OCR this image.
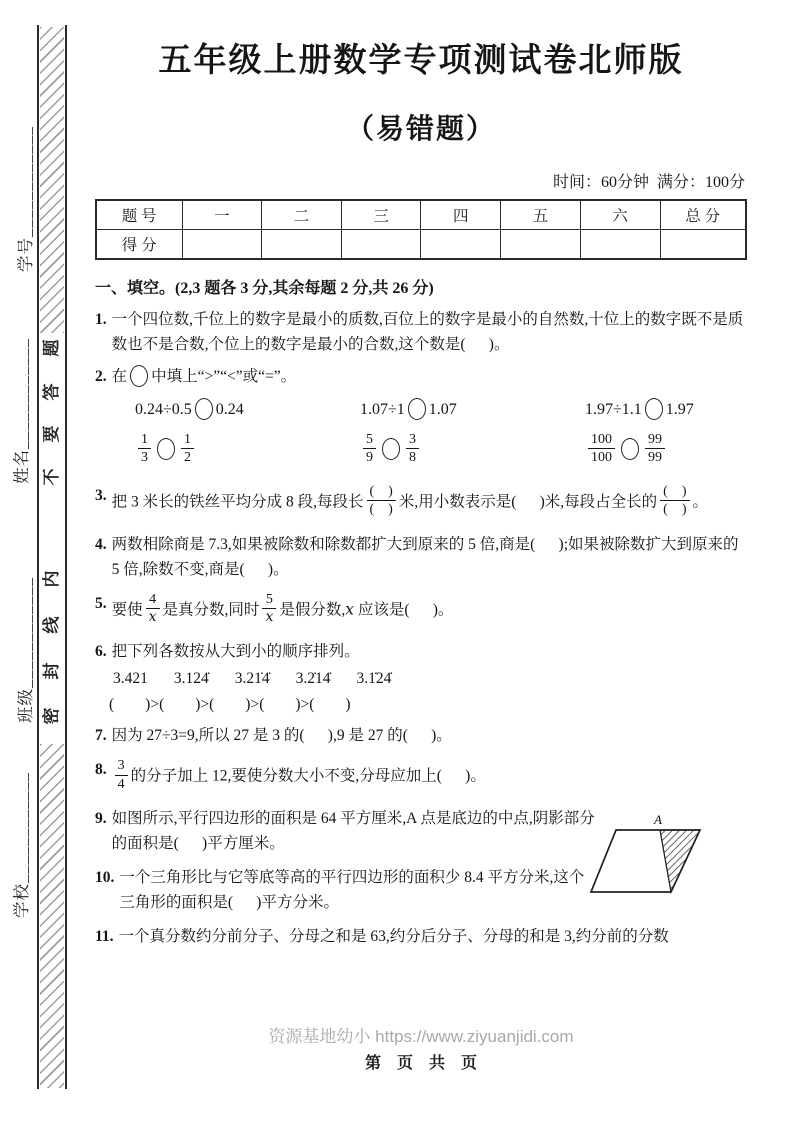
题
答
要
不
内
线
封
密
学号____________
姓名____________
班级____________
学校____________
五年级上册数学专项测试卷北师版
（易错题）
时间：60分钟  满分：100分
题 号	一	二	三	四	五	六	总 分
得 分							
一、填空。(2,3 题各 3 分,其余每题 2 分,共 26 分)
1. 一个四位数,千位上的数字是最小的质数,百位上的数字是最小的自然数,十位上的数字既不是质数也不是合数,个位上的数字是最小的合数,这个数是(      )。
2. 在 中填上“>”“<”或“=”。
0.24÷0.5 0.24	1.07÷1 1.07	1.97÷1.1 1.97
$\frac{1}{3} \frac{1}{2}$	$\frac{5}{9} \frac{3}{8}$	$\frac{100}{100} \frac{99}{99}$
3. 把 3 米长的铁丝平均分成 8 段,每段长 $\frac{( )}{( )}$ 米,用小数表示是(      )米,每段占全长的 $\frac{( )}{( )}$ 。
4. 两数相除商是 7.3,如果被除数和除数都扩大到原来的 5 倍,商是(      );如果被除数扩大到原来的 5 倍,除数不变,商是(      )。
5. 要使 $\frac{4}{x}$ 是真分数,同时 $\frac{5}{x}$ 是假分数,x 应该是(      )。
6. 把下列各数按从大到小的顺序排列。
3.421 3.124̇ 3.21̇4̇ 3.2̇14̇ 3.1̇24̇
(        )>(        )>(        )>(        )>(        )
7. 因为 27÷3=9,所以 27 是 3 的(      ),9 是 27 的(      )。
8. $\frac{3}{4}$ 的分子加上 12,要使分数大小不变,分母应加上(      )。
9. 如图所示,平行四边形的面积是 64 平方厘米,A 点是底边的中点,阴影部分的面积是(      )平方厘米。
A
10. 一个三角形比与它等底等高的平行四边形的面积少 8.4 平方分米,这个三角形的面积是(      )平方分米。
11. 一个真分数约分前分子、分母之和是 63,约分后分子、分母的和是 3,约分前的分数
资源基地幼小 https://www.ziyuanjidi.com
第　页　共　页
